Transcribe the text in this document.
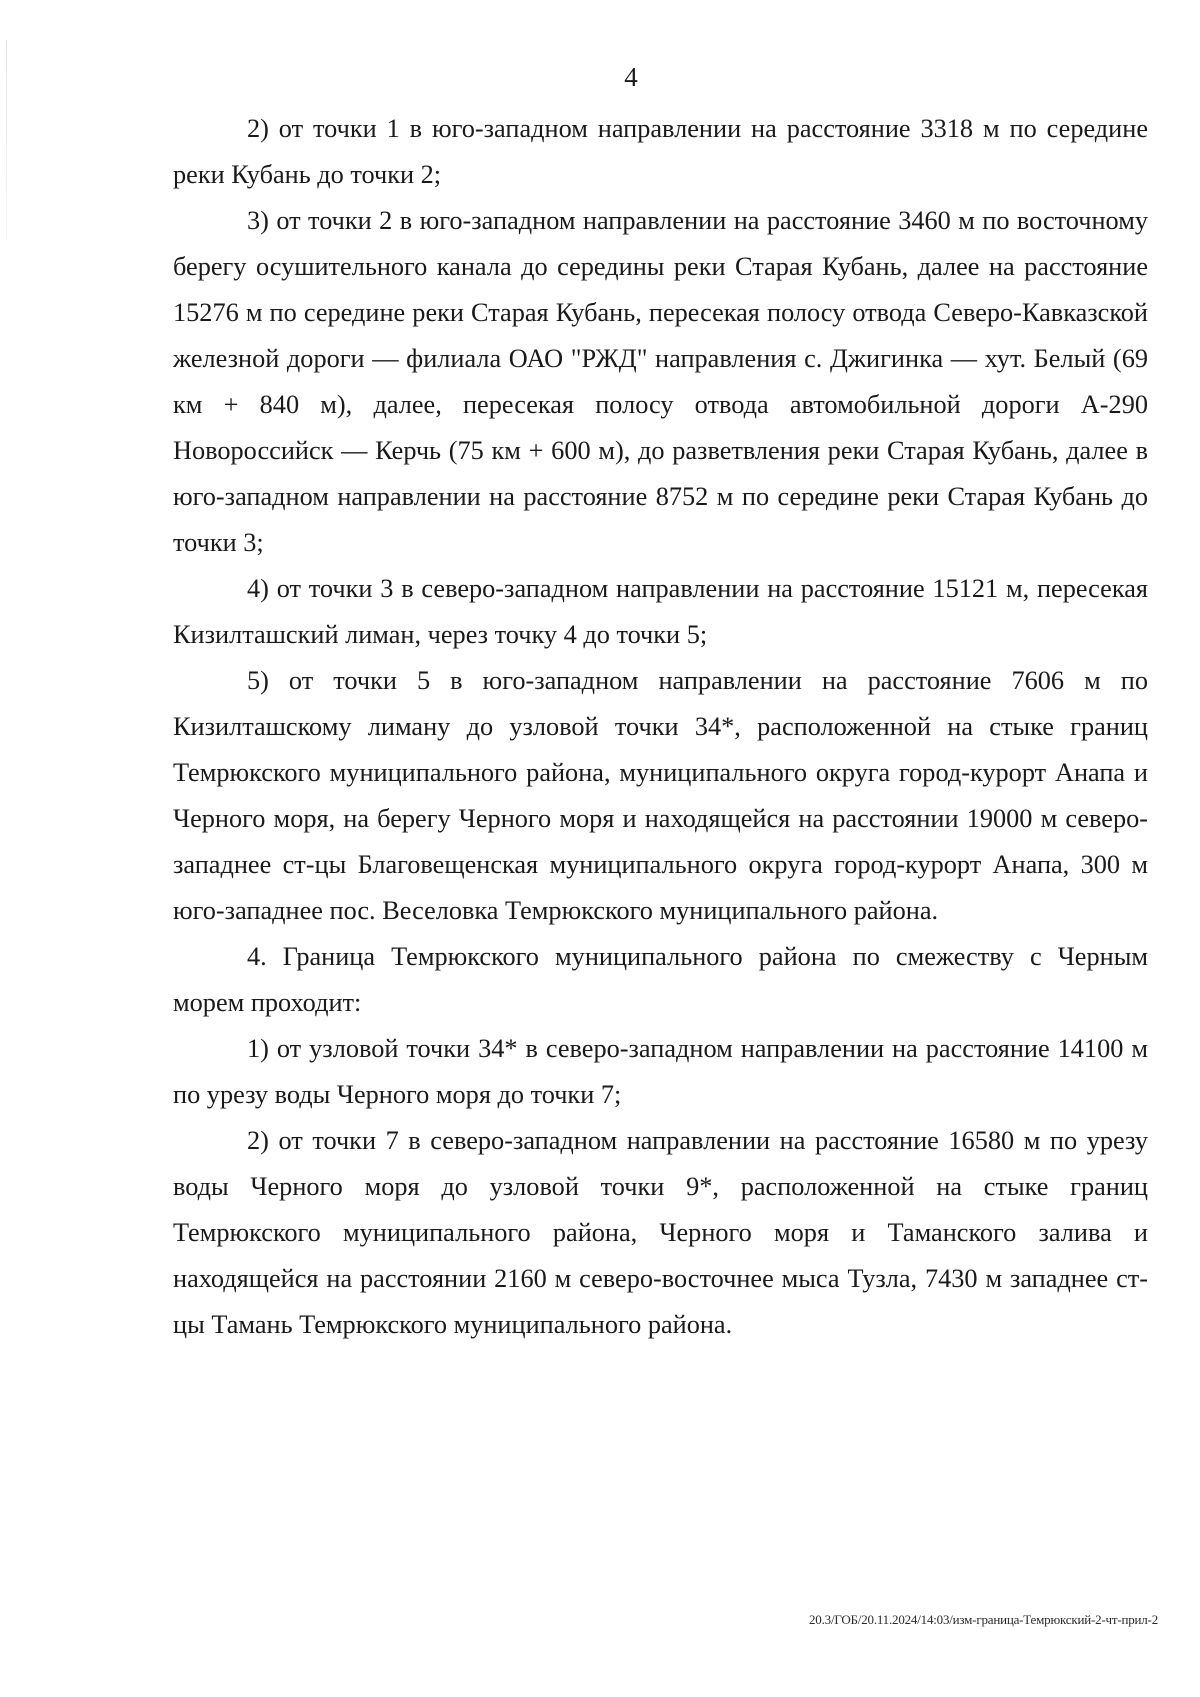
4

2) от точки 1 в юго-западном направлении на расстояние 3318 м по середине реки Кубань до точки 2;

3) от точки 2 в юго-западном направлении на расстояние 3460 м по восточному берегу осушительного канала до середины реки Старая Кубань, далее на расстояние 15276 м по середине реки Старая Кубань, пересекая полосу отвода Северо-Кавказской железной дороги — филиала ОАО "РЖД" направления с. Джигинка — хут. Белый (69 км + 840 м), далее, пересекая полосу отвода автомобильной дороги А-290 Новороссийск — Керчь (75 км + 600 м), до разветвления реки Старая Кубань, далее в юго-западном направлении на расстояние 8752 м по середине реки Старая Кубань до точки 3;

4) от точки 3 в северо-западном направлении на расстояние 15121 м, пересекая Кизилташский лиман, через точку 4 до точки 5;

5) от точки 5 в юго-западном направлении на расстояние 7606 м по Кизилташскому лиману до узловой точки 34*, расположенной на стыке границ Темрюкского муниципального района, муниципального округа город-курорт Анапа и Черного моря, на берегу Черного моря и находящейся на расстоянии 19000 м северо-западнее ст-цы Благовещенская муниципального округа город-курорт Анапа, 300 м юго-западнее пос. Веселовка Темрюкского муниципального района.

4. Граница Темрюкского муниципального района по смежеству с Черным морем проходит:

1) от узловой точки 34* в северо-западном направлении на расстояние 14100 м по урезу воды Черного моря до точки 7;

2) от точки 7 в северо-западном направлении на расстояние 16580 м по урезу воды Черного моря до узловой точки 9*, расположенной на стыке границ Темрюкского муниципального района, Черного моря и Таманского залива и находящейся на расстоянии 2160 м северо-восточнее мыса Тузла, 7430 м западнее ст-цы Тамань Темрюкского муниципального района.

20.3/ГОБ/20.11.2024/14:03/изм-граница-Темрюкский-2-чт-прил-2
